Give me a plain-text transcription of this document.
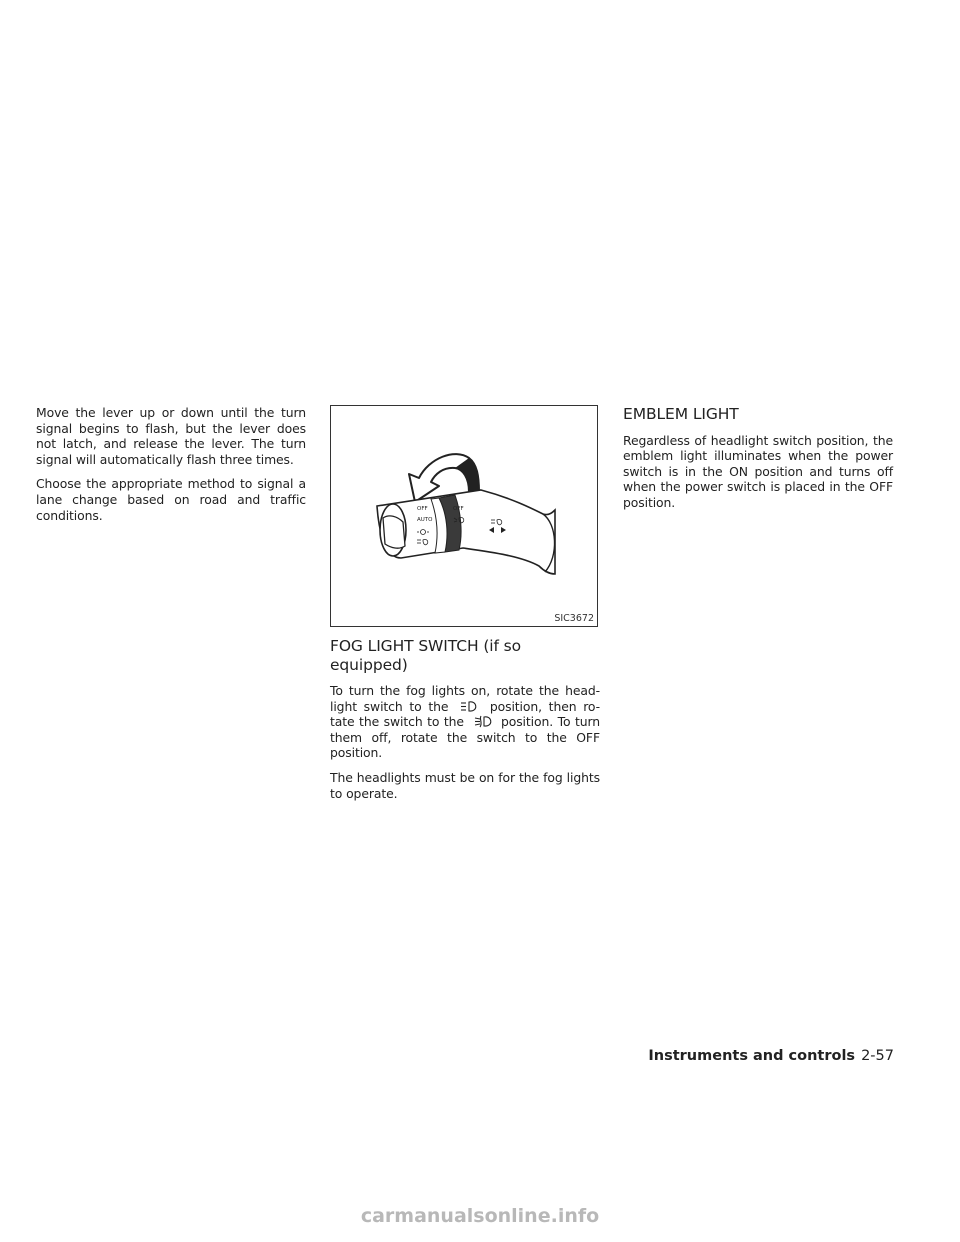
Move the lever up or down until the turn signal begins to flash, but the lever does not latch, and release the lever. The turn signal will automatically flash three times.

Choose the appropriate method to signal a lane change based on road and traffic conditions.	OFF
AUTO
OFF
SIC3672
FOG LIGHT SWITCH (if so equipped)

To turn the fog lights on, rotate the head-light switch to the	position, then ro-tate the switch to the	position. To turn them off, rotate the switch to the OFF position.

The headlights must be on for the fog lights to operate.

EMBLEM LIGHT

Regardless of headlight switch position, the emblem light illuminates when the power switch is in the ON position and turns off when the power switch is placed in the OFF position.

Instruments and controls 2-57
carmanualsonline.info
